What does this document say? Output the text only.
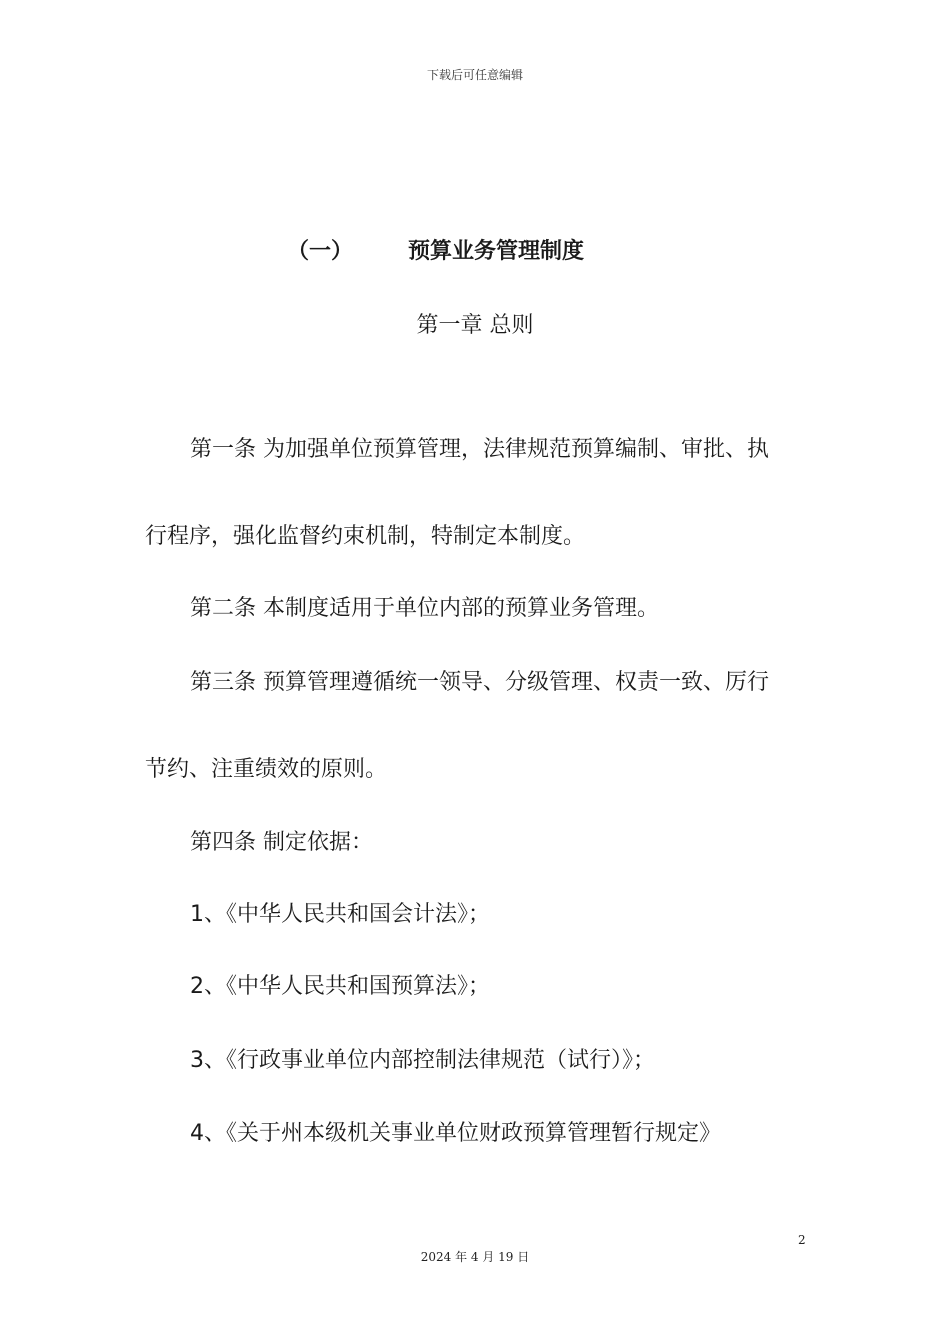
下载后可任意编辑
（一） 预算业务管理制度
第一章 总则
第一条 为加强单位预算管理，法律规范预算编制、审批、执
行程序，强化监督约束机制，特制定本制度。
第二条 本制度适用于单位内部的预算业务管理。
第三条 预算管理遵循统一领导、分级管理、权责一致、厉行
节约、注重绩效的原则。
第四条 制定依据：
1、《中华人民共和国会计法》；
2、《中华人民共和国预算法》；
3、《行政事业单位内部控制法律规范（试行）》；
4、《关于州本级机关事业单位财政预算管理暂行规定》
2
2024 年 4 月 19 日
